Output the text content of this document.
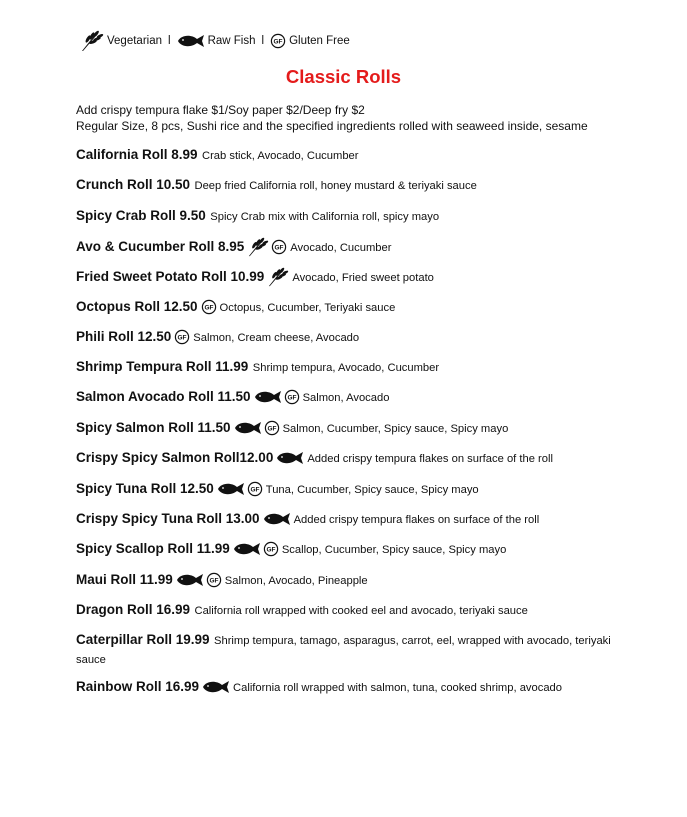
Vegetarian l	Raw Fish l GF Gluten Free
Classic Rolls
Add crispy tempura flake $1/Soy paper $2/Deep fry $2
Regular Size, 8 pcs, Sushi rice and the specified ingredients rolled with seaweed inside, sesame
California Roll 8.99 Crab stick, Avocado, Cucumber
Crunch Roll 10.50 Deep fried California roll, honey mustard & teriyaki sauce
Spicy Crab Roll 9.50 Spicy Crab mix with California roll, spicy mayo
Avo & Cucumber Roll 8.95	GF Avocado, Cucumber
Fried Sweet Potato Roll 10.99	Avocado, Fried sweet potato
Octopus Roll 12.50 GF Octopus, Cucumber, Teriyaki sauce
Phili Roll 12.50 GF Salmon, Cream cheese, Avocado
Shrimp Tempura Roll 11.99 Shrimp tempura, Avocado, Cucumber
Salmon Avocado Roll 11.50	GF Salmon, Avocado
Spicy Salmon Roll 11.50	GF Salmon, Cucumber, Spicy sauce, Spicy mayo
Crispy Spicy Salmon Roll12.00	Added crispy tempura flakes on surface of the roll
Spicy Tuna Roll 12.50	GF Tuna, Cucumber, Spicy sauce, Spicy mayo
Crispy Spicy Tuna Roll 13.00	Added crispy tempura flakes on surface of the roll
Spicy Scallop Roll 11.99	GF Scallop, Cucumber, Spicy sauce, Spicy mayo
Maui Roll 11.99	GF Salmon, Avocado, Pineapple
Dragon Roll 16.99 California roll wrapped with cooked eel and avocado, teriyaki sauce
Caterpillar Roll 19.99 Shrimp tempura, tamago, asparagus, carrot, eel, wrapped with avocado, teriyaki sauce
Rainbow Roll 16.99	California roll wrapped with salmon, tuna, cooked shrimp, avocado
